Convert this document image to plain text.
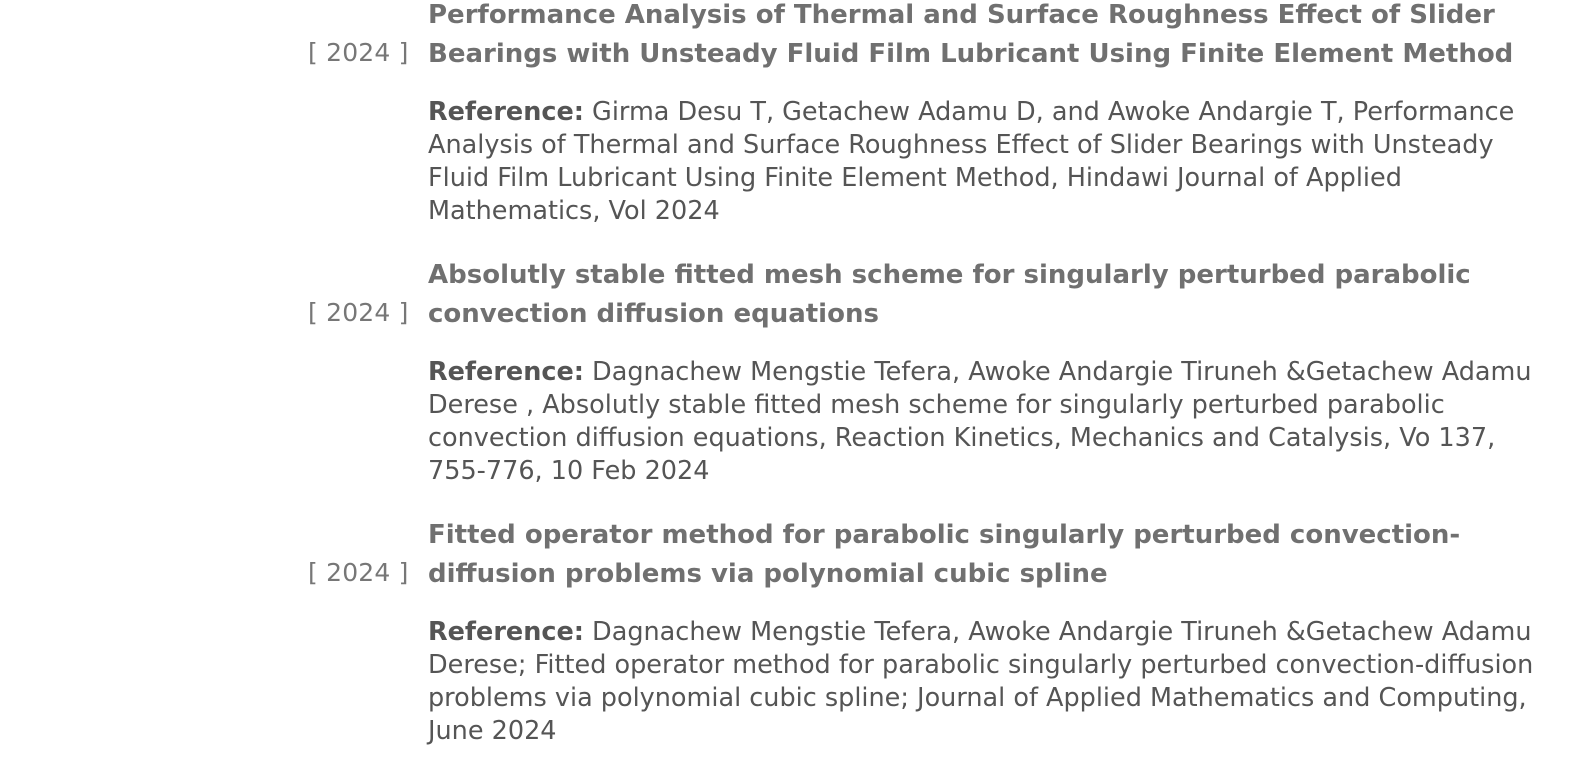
[ 2024 ]
Performance Analysis of Thermal and Surface Roughness Effect of Slider Bearings with Unsteady Fluid Film Lubricant Using Finite Element Method

Reference: Girma Desu T, Getachew Adamu D, and Awoke Andargie T, Performance Analysis of Thermal and Surface Roughness Effect of Slider Bearings with Unsteady Fluid Film Lubricant Using Finite Element Method, Hindawi Journal of Applied Mathematics, Vol 2024

[ 2024 ]
Absolutly stable fitted mesh scheme for singularly perturbed parabolic convection diffusion equations

Reference: Dagnachew Mengstie Tefera, Awoke Andargie Tiruneh &Getachew Adamu Derese , Absolutly stable fitted mesh scheme for singularly perturbed parabolic convection diffusion equations, Reaction Kinetics, Mechanics and Catalysis, Vo 137, 755-776, 10 Feb 2024

[ 2024 ]
Fitted operator method for parabolic singularly perturbed convection-diffusion problems via polynomial cubic spline

Reference: Dagnachew Mengstie Tefera, Awoke Andargie Tiruneh &Getachew Adamu Derese; Fitted operator method for parabolic singularly perturbed convection-diffusion problems via polynomial cubic spline; Journal of Applied Mathematics and Computing, June 2024
